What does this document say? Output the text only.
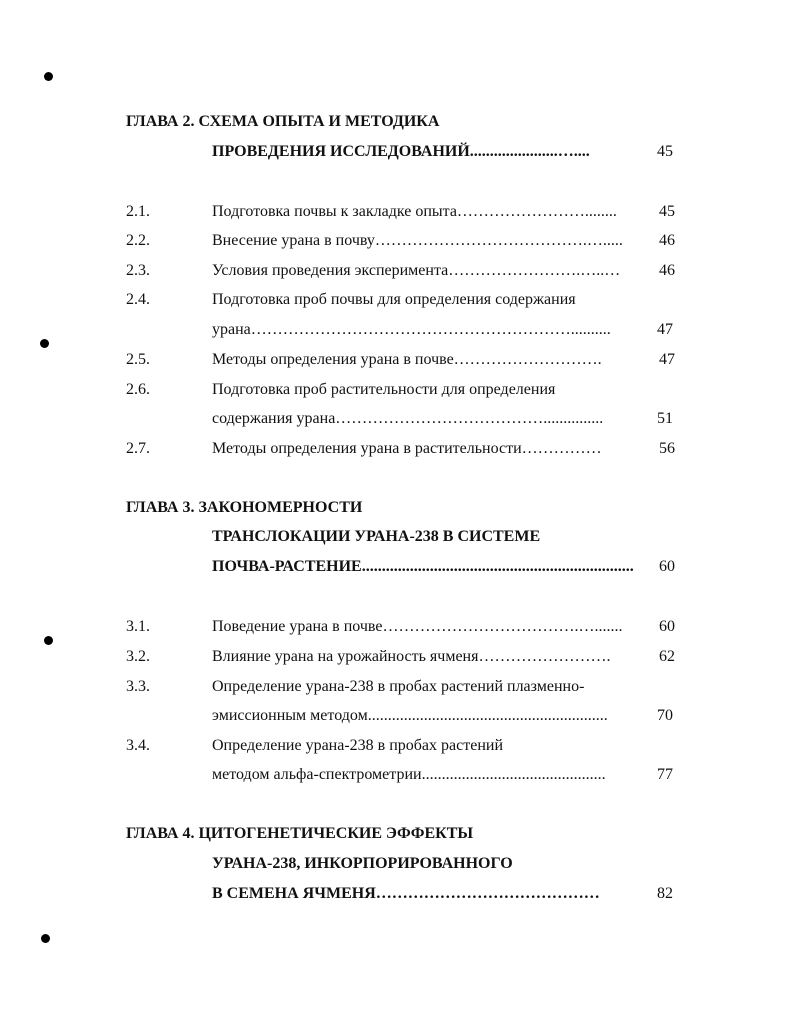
ГЛАВА 2. СХЕМА ОПЫТА И МЕТОДИКА
ПРОВЕДЕНИЯ ИССЛЕДОВАНИЙ......................…....	45
2.1.	Подготовка почвы к закладке опыта……………………........	45
2.2.	Внесение урана в почву………………………………….…..... 46
2.3.	Условия проведения эксперимента…………………….…..… 46
2.4.	Подготовка проб почвы для определения содержания
урана……………………………………………………..........	47
2.5.	Методы определения урана в почве……………………….	47
2.6.	Подготовка проб растительности для определения
содержания урана…………………………………...............	51
2.7.	Методы определения урана в растительности……………	56
ГЛАВА 3. ЗАКОНОМЕРНОСТИ
ТРАНСЛОКАЦИИ УРАНА-238 В СИСТЕМЕ
ПОЧВА-РАСТЕНИЕ.................................................................... 60
3.1.	Поведение урана в почве……………………………….…....... 60
3.2.	Влияние урана на урожайность ячменя…………………….	62
3.3.	Определение урана-238 в пробах растений плазменно-
эмиссионным методом............................................................	70
3.4.	Определение урана-238 в пробах растений
методом альфа-спектрометрии..............................................	77
ГЛАВА 4. ЦИТОГЕНЕТИЧЕСКИЕ ЭФФЕКТЫ
УРАНА-238, ИНКОРПОРИРОВАННОГО
В СЕМЕНА ЯЧМЕНЯ……………………………………	82
